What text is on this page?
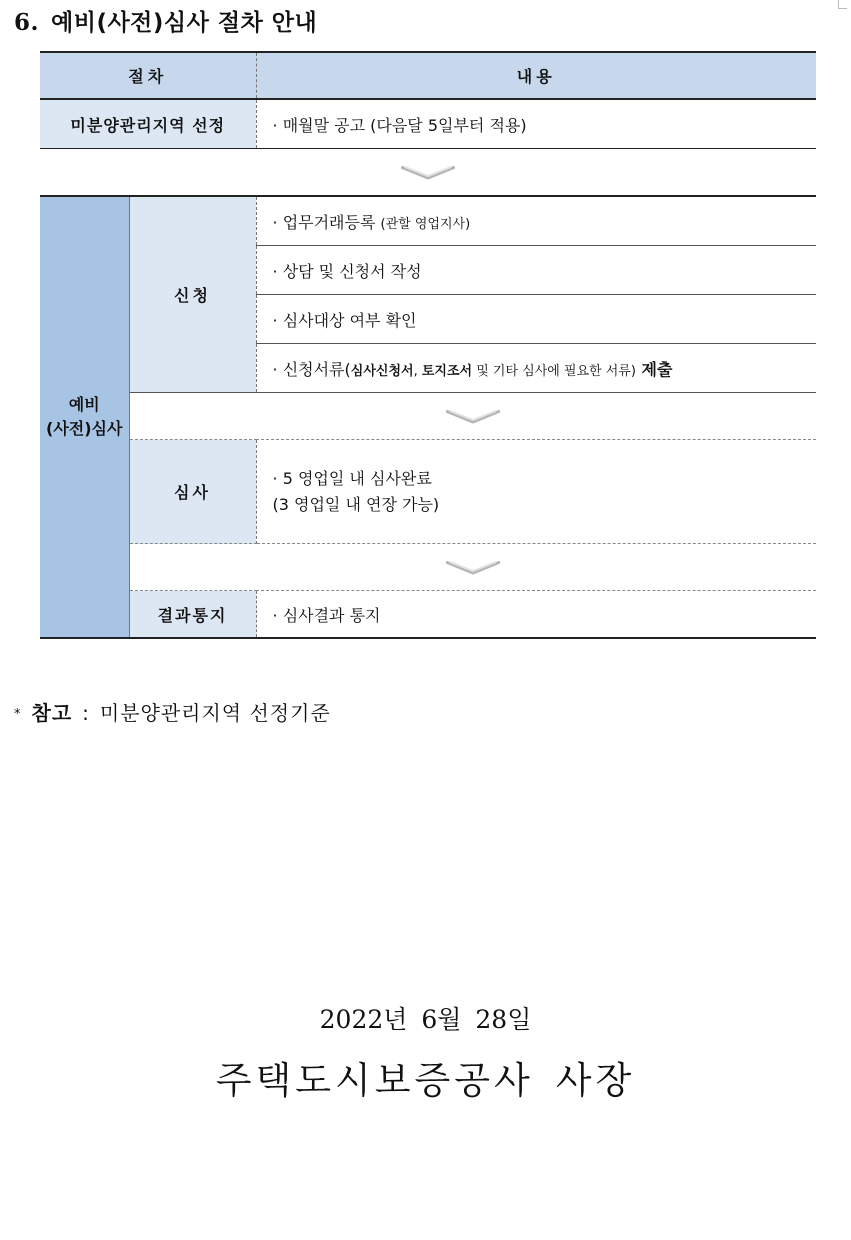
6. 예비(사전)심사 절차 안내
절차		내용
미분양관리지역 선정		· 매월말 공고 (다음달 5일부터 적용)

예비
(사전)심사	신청	· 업무거래등록 (관할 영업지사)
		· 상담 및 신청서 작성
		· 심사대상 여부 확인
		· 신청서류(심사신청서, 토지조서 및 기타 심사에 필요한 서류) 제출

	심사	· 5 영업일 내 심사완료
(3 영업일 내 연장 가능)

	결과통지	· 심사결과 통지
* 참고 : 미분양관리지역 선정기준
2022년 6월 28일
주택도시보증공사 사장
